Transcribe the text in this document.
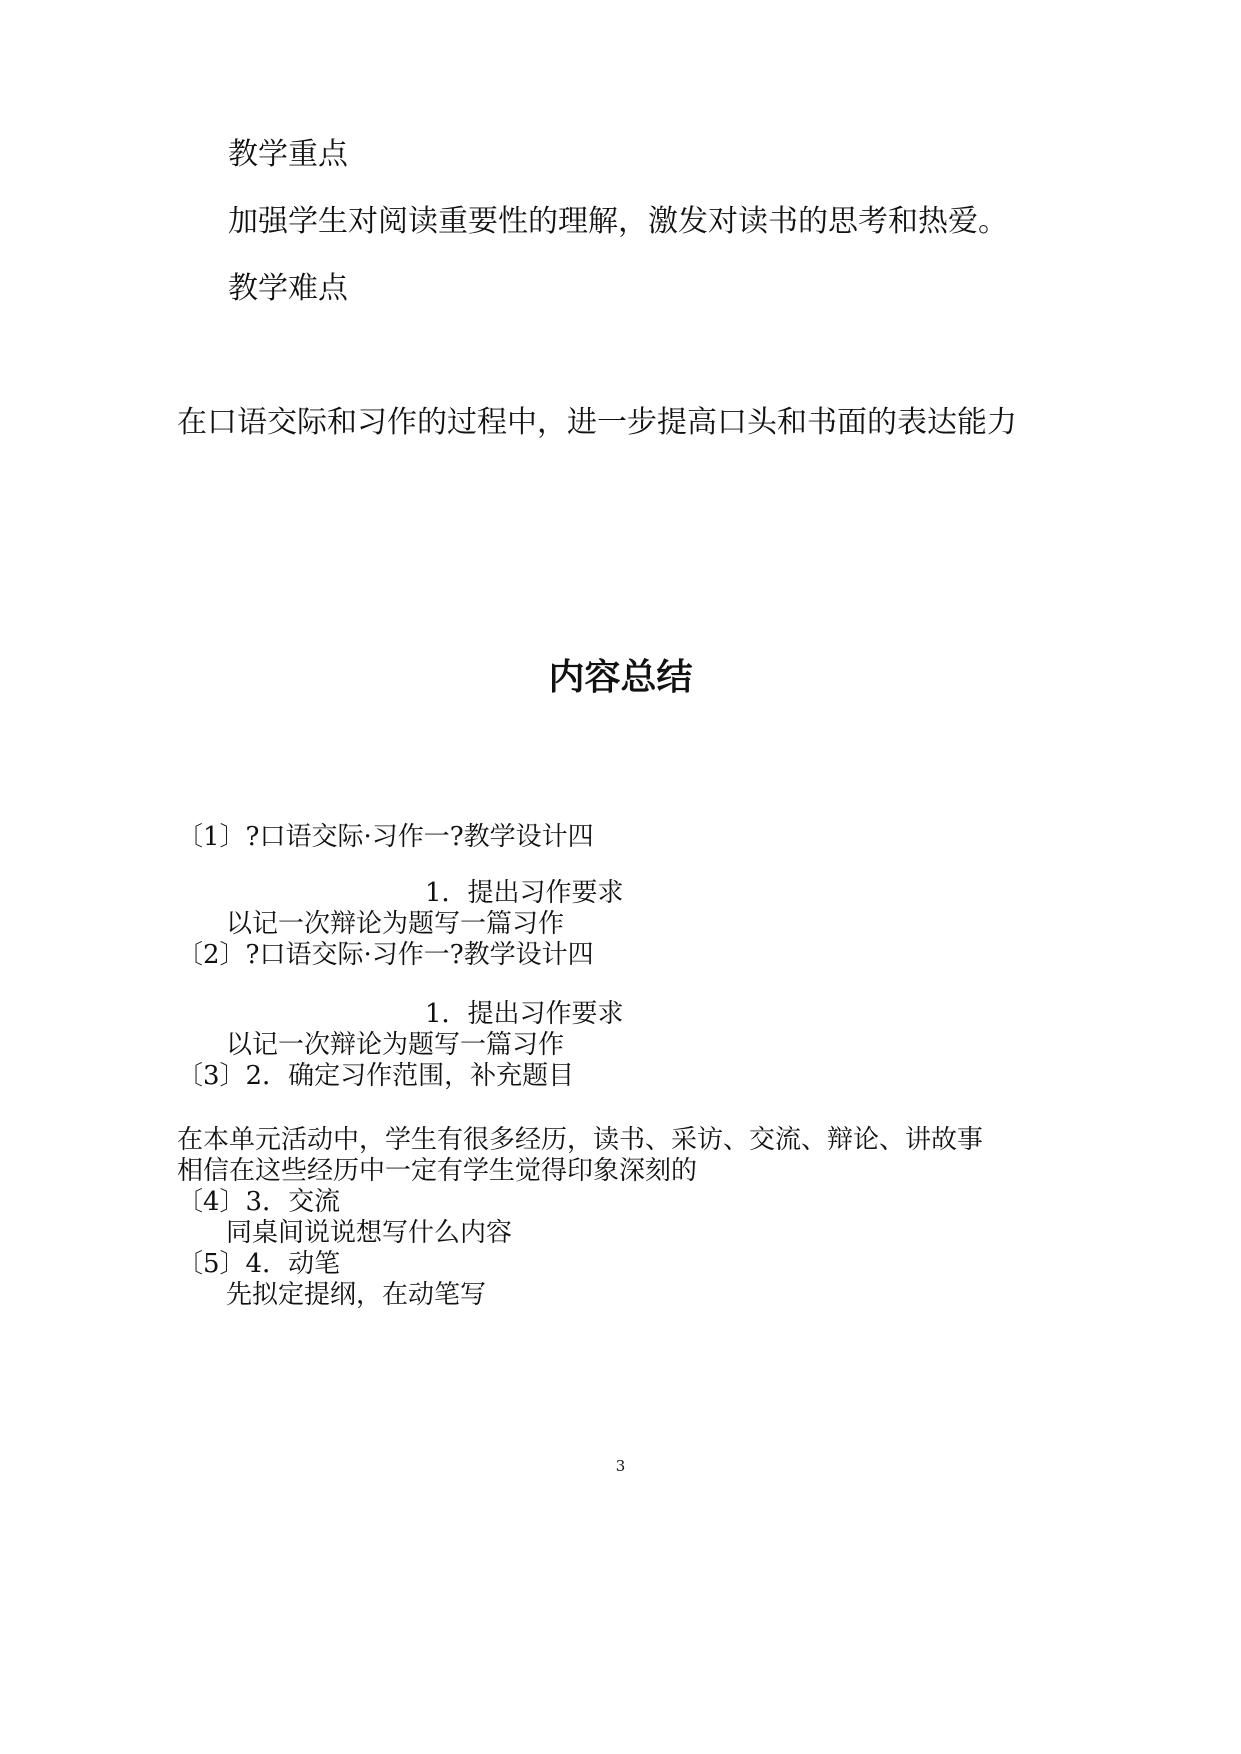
教学重点
加强学生对阅读重要性的理解，激发对读书的思考和热爱。
教学难点
在口语交际和习作的过程中，进一步提高口头和书面的表达能力
内容总结
〔1〕?口语交际·习作一?教学设计四
1．提出习作要求
以记一次辩论为题写一篇习作
〔2〕?口语交际·习作一?教学设计四
1．提出习作要求
以记一次辩论为题写一篇习作
〔3〕2．确定习作范围，补充题目
在本单元活动中，学生有很多经历，读书、采访、交流、辩论、讲故事
相信在这些经历中一定有学生觉得印象深刻的
〔4〕3．交流
同桌间说说想写什么内容
〔5〕4．动笔
先拟定提纲，在动笔写
3
